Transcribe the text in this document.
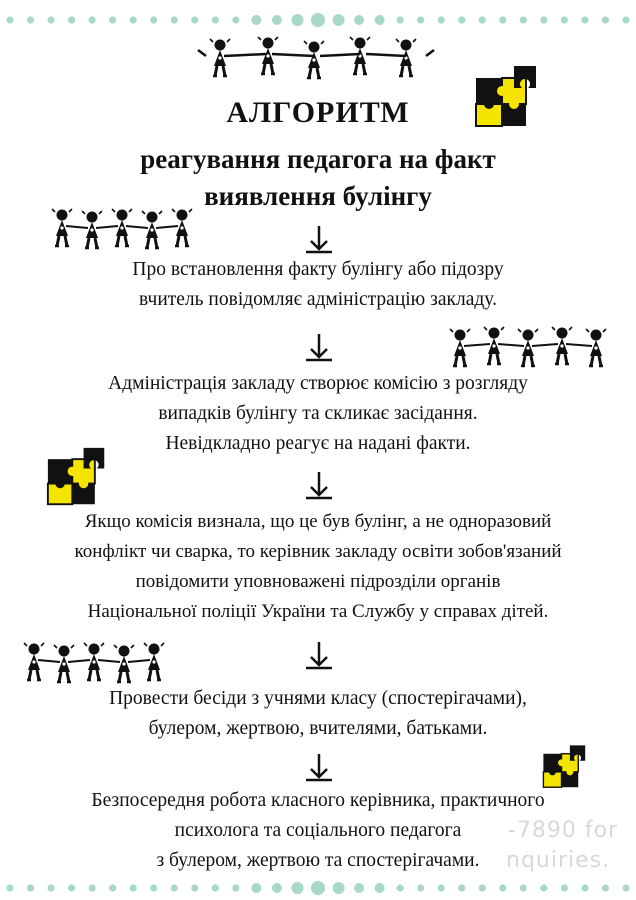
АЛГОРИТМ
реагування педагога на факт
виявлення булінгу

Про встановлення факту булінгу або підозру

вчитель повідомляє адміністрацію закладу.

Адміністрація закладу створює комісію з розгляду

випадків булінгу та скликає засідання.

Невідкладно реагує на надані факти.

Якщо комісія визнала, що це був булінг, а не одноразовий

конфлікт чи сварка, то керівник закладу освіти зобов'язаний

повідомити уповноважені підрозділи органів

Національної поліції України та Службу у справах дітей.

Провести бесіди з учнями класу (спостерігачами),

булером, жертвою, вчителями, батьками.

Безпосередня робота класного керівника, практичного

психолога та соціального педагога

з булером, жертвою та спостерігачами.

-7890 for
nquiries.
